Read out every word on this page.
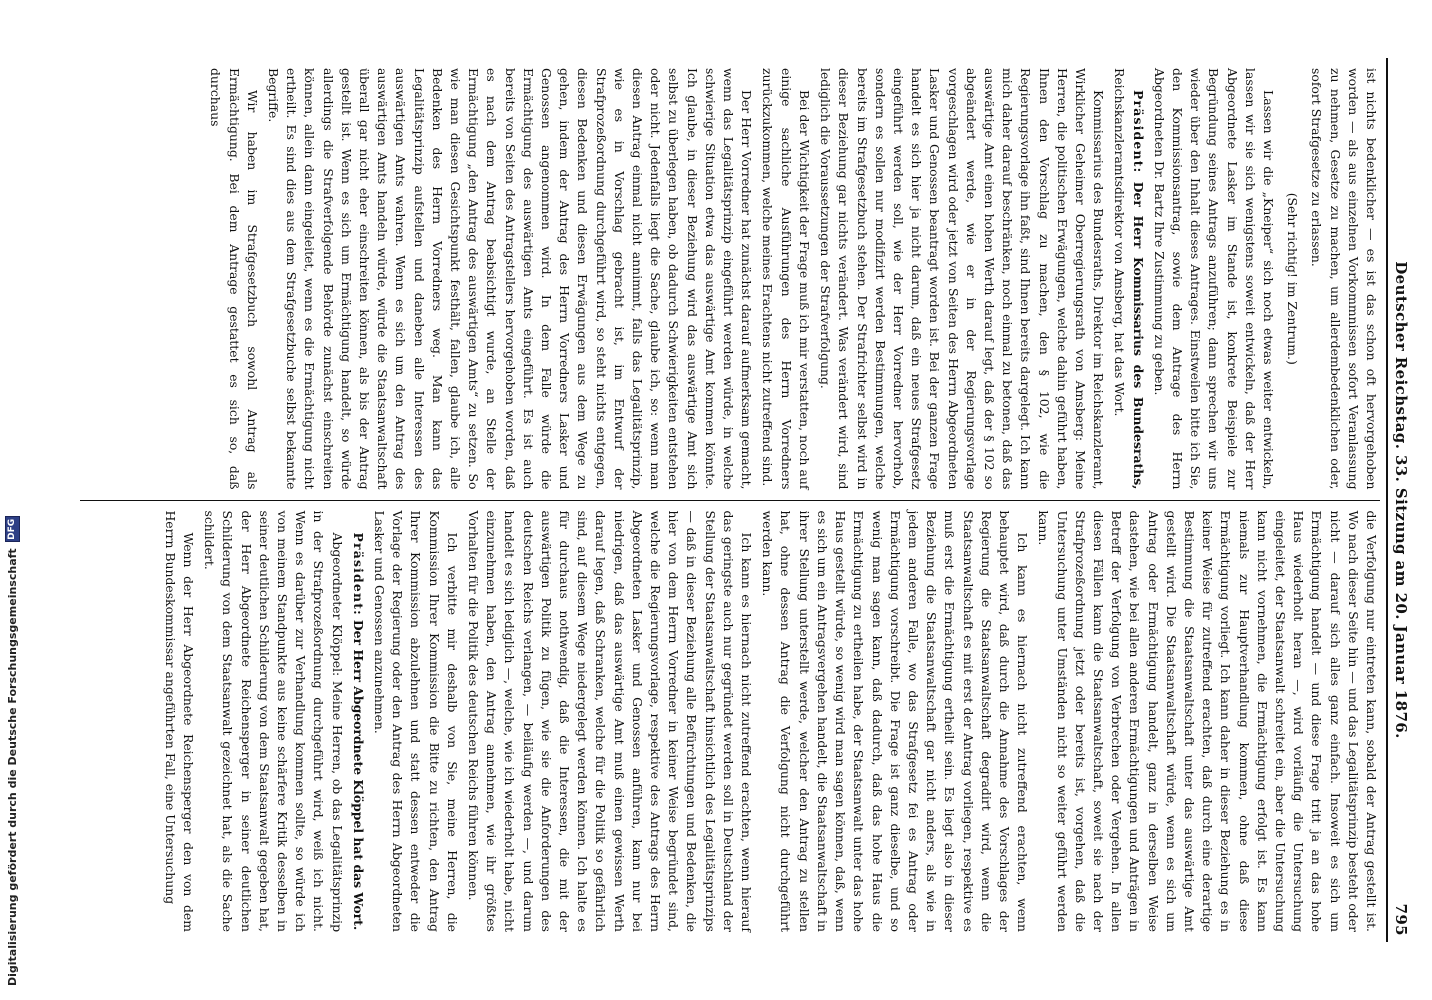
Deutscher Reichstag. 33. Sitzung am 20. Januar 1876.
795

ist nichts bedenklicher — es ist das schon oft hervorgehoben worden — als aus einzelnen Vorkommnissen sofort Veranlassung zu nehmen, Gesetze zu machen, um allerdembedenklichen oder, sofort Strafgesetze zu erlassen.

(Sehr richtig! im Zentrum.)

Lassen wir die „Kneiper“ sich noch etwas weiter entwickeln, lassen wir sie sich wenigstens soweit entwickeln, daß der Herr Abgeordnete Lasker im Stande ist, konkrete Beispiele zur Begründung seines Antrags anzuführen; dann sprechen wir uns wieder über den Inhalt dieses Antrages. Einstweilen bitte ich Sie, den Kommissionsantrag, sowie dem Antrage des Herrn Abgeordneten Dr. Bartz Ihre Zustimmung zu geben.

Präsident: Der Herr Kommissarius des Bundesraths, Reichskanzleramtsdirektor von Amsberg, hat das Wort.

Kommissarius des Bundesraths, Direktor im Reichskanzleramt, Wirklicher Geheimer Oberregierungsrath von Amsberg: Meine Herren, die politischen Erwägungen, welche dahin geführt haben, Ihnen den Vorschlag zu machen, den § 102, wie die Regierungsvorlage ihn faßt, sind Ihnen bereits dargelegt. Ich kann mich daher darauf beschränken, noch einmal zu betonen, daß das auswärtige Amt einen hohen Werth darauf legt, daß der § 102 so abgeändert werde, wie er in der Regierungsvorlage vorgeschlagen wird oder jetzt von Seiten des Herrn Abgeordneten Lasker und Genossen beantragt worden ist. Bei der ganzen Frage handelt es sich hier ja nicht darum, daß ein neues Strafgesetz eingeführt werden soll, wie der Herr Vorredner hervorhob, sondern es sollen nur modifizirt werden Bestimmungen, welche bereits im Strafgesetzbuch stehen. Der Strafrichter selbst wird in dieser Beziehung gar nichts verändert. Was verändert wird, sind lediglich die Voraussetzungen der Strafverfolgung.

Bei der Wichtigkeit der Frage muß ich mir verstatten, noch auf einige sachliche Ausführungen des Herrn Vorredners zurückzukommen, welche meines Erachtens nicht zutreffend sind.

Der Herr Vorredner hat zunächst darauf aufmerksam gemacht, wenn das Legalitätsprinzip eingeführt werden würde, in welche schwierige Situation etwa das auswärtige Amt kommen könnte. Ich glaube, in dieser Beziehung wird das auswärtige Amt sich selbst zu überlegen haben, ob dadurch Schwierigkeiten entstehen oder nicht. Jedenfalls liegt die Sache, glaube ich, so: wenn man diesen Antrag einmal nicht annimmt, falls das Legalitätsprinzip, wie es in Vorschlag gebracht ist, im Entwurf der Strafprozeßordnung durchgeführt wird, so steht nichts entgegen, diesen Bedenken und diesen Erwägungen aus dem Wege zu gehen, indem der Antrag des Herrn Vorredners Lasker und Genossen angenommen wird. In dem Falle würde die Ermächtigung des auswärtigen Amts eingeführt. Es ist auch bereits von Seiten des Antragstellers hervorgehoben worden, daß es nach dem Antrag beabsichtigt wurde, an Stelle der Ermächtigung „den Antrag des auswärtigen Amts“ zu setzen. So wie man diesen Gesichtspunkt festhält, fallen, glaube ich, alle Bedenken des Herrn Vorredners weg. Man kann das Legalitätsprinzip aufstellen und daneben alle Interessen des auswärtigen Amts wahren. Wenn es sich um den Antrag des auswärtigen Amts handeln würde, würde die Staatsanwaltschaft überall gar nicht eher einschreiten können, als bis der Antrag gestellt ist. Wenn es sich um Ermächtigung handelt, so würde allerdings die Strafverfolgende Behörde zunächst einschreiten können, allein dann eingeleitet, wenn es die Ermächtigung nicht ertheilt. Es sind dies aus dem Strafgesetzbuche selbst bekannte Begriffe.

Wir haben im Strafgesetzbuch sowohl Antrag als Ermächtigung. Bei dem Antrage gestattet es sich so, daß durchaus

die Verfolgung nur eintreten kann, sobald der Antrag gestellt ist. Wo nach dieser Seite hin — und das Legalitätsprinzip besteht oder nicht — darauf sich alles ganz einfach. Insoweit es sich um Ermächtigung handelt — und diese Frage tritt ja an das hohe Haus wiederholt heran —, wird vorläufig die Untersuchung eingeleitet, der Staatsanwalt schreitet ein, aber die Untersuchung kann nicht vornehmen, die Ermächtigung erfolgt ist. Es kann niemals zur Hauptverhandlung kommen, ohne daß diese Ermächtigung vorliegt. Ich kann daher in dieser Beziehung es in keiner Weise für zutreffend erachten, daß durch eine derartige Bestimmung die Staatsanwaltschaft unter das auswärtige Amt gestellt wird. Die Staatsanwaltschaft würde, wenn es sich um Antrag oder Ermächtigung handelt, ganz in derselben Weise dastehen, wie bei allen anderen Ermächtigungen und Anträgen in Betreff der Verfolgung von Verbrechen oder Vergehen. In allen diesen Fällen kann die Staatsanwaltschaft, soweit sie nach der Strafprozeßordnung jetzt oder bereits ist, vorgehen, daß die Untersuchung unter Umständen nicht so weiter geführt werden kann.

Ich kann es hiernach nicht zutreffend erachten, wenn behauptet wird, daß durch die Annahme des Vorschlages der Regierung die Staatsanwaltschaft degradirt wird, wenn die Staatsanwaltschaft es mit erst der Antrag vorliegen, respektive es muß erst die Ermächtigung ertheilt sein. Es liegt also in dieser Beziehung die Staatsanwaltschaft gar nicht anders, als wie in jedem anderen Falle, wo das Strafgesetz fei es Antrag oder Ermächtigung vorschreibt. Die Frage ist ganz dieselbe, und so wenig man sagen kann, daß dadurch, daß das hohe Haus die Ermächtigung zu ertheilen habe, der Staatsanwalt unter das hohe Haus gestellt würde, so wenig wird man sagen können, daß, wenn es sich um ein Antragsvergehen handelt, die Staatsanwaltschaft in ihrer Stellung unterstellt werde, welcher den Antrag zu stellen hat, ohne dessen Antrag die Verfolgung nicht durchgeführt werden kann.

Ich kann es hiernach nicht zutreffend erachten, wenn hierauf das geringste auch nur gegründet werden soll in Deutschland der Stellung der Staatsanwaltschaft hinsichtlich des Legalitätsprinzips — daß in dieser Beziehung alle Befürchtungen und Bedenken, die hier von dem Herrn Vorredner in keiner Weise begründet sind, welche die Regierungsvorlage, respektive des Antrags des Herrn Abgeordneten Lasker und Genossen anführen, kann nur bei niedrigen, daß das auswärtige Amt muß einen gewissen Werth darauf legen, daß Schranken, welche für die Politik so gefährlich sind, auf diesem Wege niedergelegt werden können. Ich halte es für durchaus nothwendig, daß die Interessen, die mit der auswärtigen Politik zu fügen, wie sie die Anforderungen des deutschen Reichs verlangen, — beiläufig werden —, und darum handelt es sich lediglich —, welche, wie ich wiederholt habe, nicht einzunehmen haben, den Antrag annehmen, wie ihr größtes Vorhalten für die Politik des deutschen Reichs führen können.

Ich verbitte mir deshalb von Sie, meine Herren, die Kommission Ihrer Kommission die Bitte zu richten, den Antrag Ihrer Kommission abzulehnen und statt dessen entweder die Vorlage der Regierung oder den Antrag des Herrn Abgeordneten Lasker und Genossen anzunehmen.

Präsident: Der Herr Abgeordnete Klöppel hat das Wort.

Abgeordneter Klöppel: Meine Herren, ob das Legalitätsprinzip in der Strafprozeßordnung durchgeführt wird, weiß ich nicht. Wenn es darüber zur Verhandlung kommen sollte, so würde ich von meinem Standpunkte aus keine schärfere Kritik desselben in seiner deutlichen Schilderung von dem Staatsanwalt gegeben hat, der Herr Abgeordnete Reichensperger in seiner deutlichen Schilderung von dem Staatsanwalt gezeichnet hat, als die Sache schildert.

Wenn der Herr Abgeordnete Reichensperger den von dem Herrn Bundeskommissar angeführten Fall, eine Untersuchung

Digitalisierung gefördert durch die Deutsche Forschungsgemeinschaft
DFG
